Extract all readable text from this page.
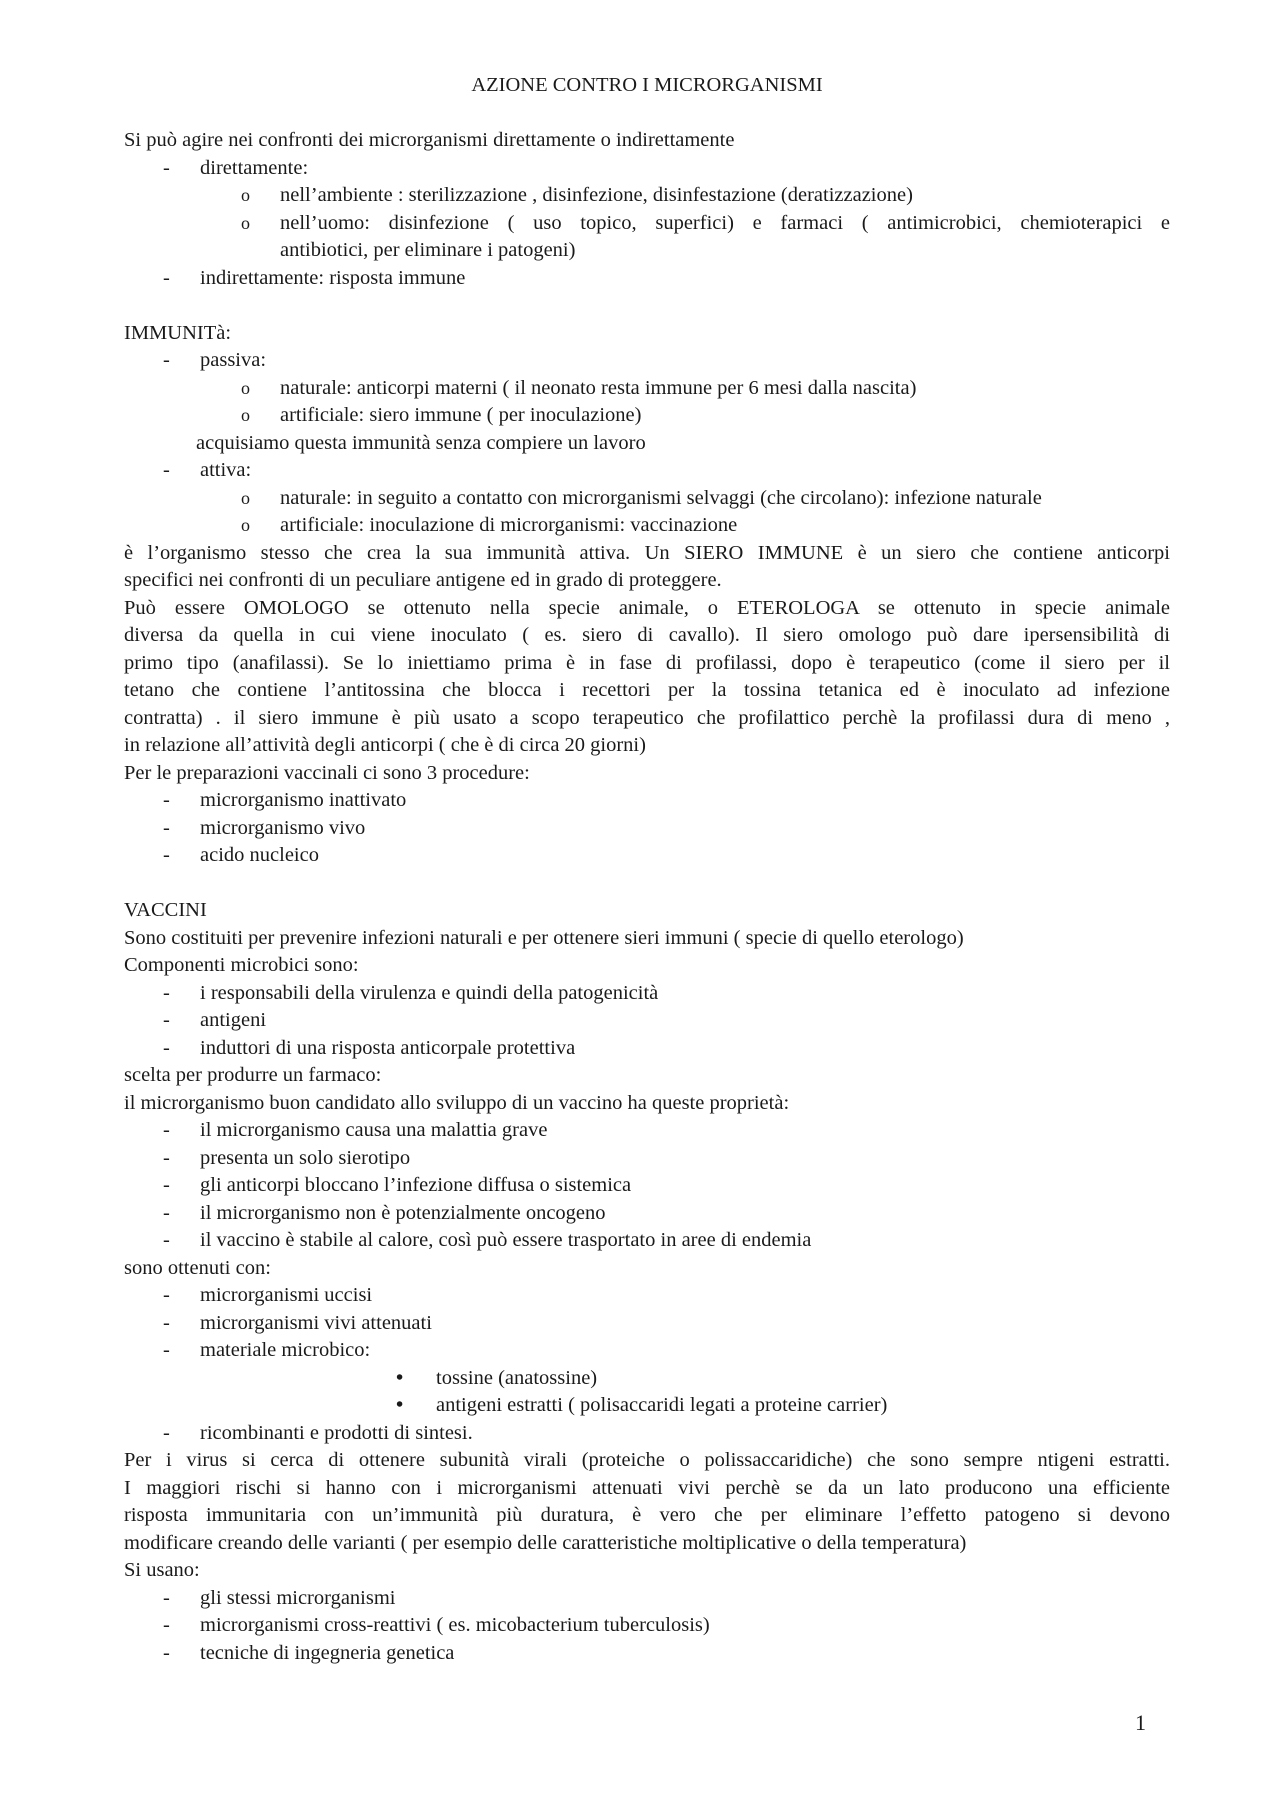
AZIONE CONTRO I MICRORGANISMI
Si può agire nei confronti dei microrganismi direttamente o indirettamente
- direttamente:
o nell’ambiente : sterilizzazione , disinfezione, disinfestazione (deratizzazione)
o nell’uomo: disinfezione ( uso topico, superfici) e farmaci ( antimicrobici, chemioterapici e
antibiotici, per eliminare i patogeni)
- indirettamente: risposta immune
IMMUNITà:
- passiva:
o naturale: anticorpi materni ( il neonato resta immune per 6 mesi dalla nascita)
o artificiale: siero immune ( per inoculazione)
acquisiamo questa immunità senza compiere un lavoro
- attiva:
o naturale: in seguito a contatto con microrganismi selvaggi (che circolano): infezione naturale
o artificiale: inoculazione di microrganismi: vaccinazione
è l’organismo stesso che crea la sua immunità attiva. Un SIERO IMMUNE è un siero che contiene anticorpi
specifici nei confronti di un peculiare antigene ed in grado di proteggere.
Può essere OMOLOGO se ottenuto nella specie animale, o ETEROLOGA se ottenuto in specie animale
diversa da quella in cui viene inoculato ( es. siero di cavallo). Il siero omologo può dare ipersensibilità di
primo tipo (anafilassi). Se lo iniettiamo prima è in fase di profilassi, dopo è terapeutico (come il siero per il
tetano che contiene l’antitossina che blocca i recettori per la tossina tetanica ed è inoculato ad infezione
contratta) . il siero immune è più usato a scopo terapeutico che profilattico perchè la profilassi dura di meno ,
in relazione all’attività degli anticorpi ( che è di circa 20 giorni)
Per le preparazioni vaccinali ci sono 3 procedure:
- microrganismo inattivato
- microrganismo vivo
- acido nucleico
VACCINI
Sono costituiti per prevenire infezioni naturali e per ottenere sieri immuni ( specie di quello eterologo)
Componenti microbici sono:
- i responsabili della virulenza e quindi della patogenicità
- antigeni
- induttori di una risposta anticorpale protettiva
scelta per produrre un farmaco:
il microrganismo buon candidato allo sviluppo di un vaccino ha queste proprietà:
- il microrganismo causa una malattia grave
- presenta un solo sierotipo
- gli anticorpi bloccano l’infezione diffusa o sistemica
- il microrganismo non è potenzialmente oncogeno
- il vaccino è stabile al calore, così può essere trasportato in aree di endemia
sono ottenuti con:
- microrganismi uccisi
- microrganismi vivi attenuati
- materiale microbico:
• tossine (anatossine)
• antigeni estratti ( polisaccaridi legati a proteine carrier)
- ricombinanti e prodotti di sintesi.
Per i virus si cerca di ottenere subunità virali (proteiche o polissaccaridiche) che sono sempre ntigeni estratti.
I maggiori rischi si hanno con i microrganismi attenuati vivi perchè se da un lato producono una efficiente
risposta immunitaria con un’immunità più duratura, è vero che per eliminare l’effetto patogeno si devono
modificare creando delle varianti ( per esempio delle caratteristiche moltiplicative o della temperatura)
Si usano:
- gli stessi microrganismi
- microrganismi cross-reattivi ( es. micobacterium tuberculosis)
- tecniche di ingegneria genetica
1
